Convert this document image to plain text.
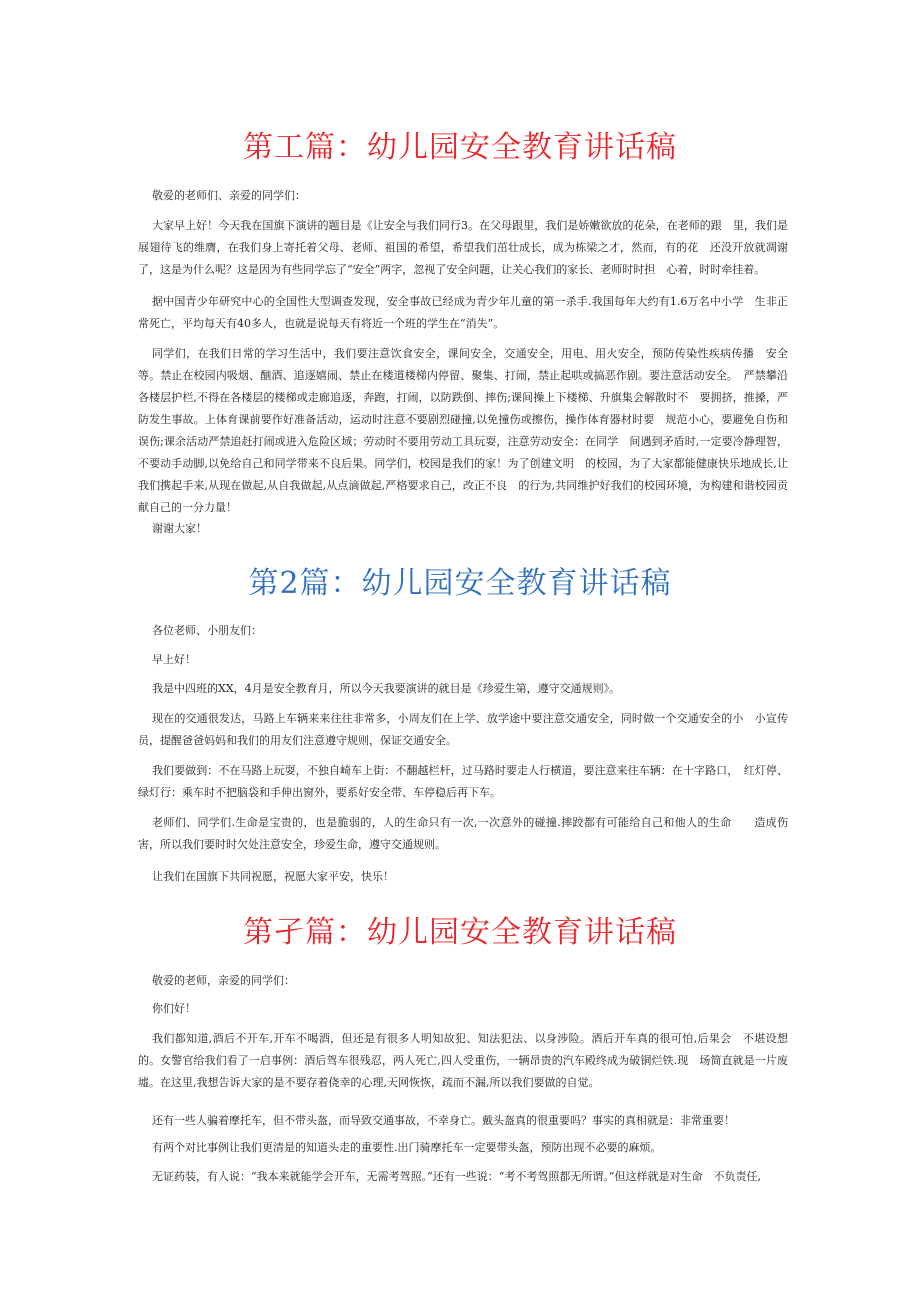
第工篇：幼儿园安全教育讲话稿

敬爱的老师们、亲爱的同学们：

大家早上好！今天我在国旗下演讲的题目是《让安全与我们同行3。在父母跟里，我们是娇嫩欲放的花朵，在老师的跟　里，我们是展翅待飞的维膺，在我们身上寄托着父母、老师、祖国的希望，希望我们茁壮成长，成为栋梁之才，然而，有的花　还没开放就凋谢了，这是为什么呢？这是因为有些同学忘了“安全”两字，忽视了安全问题，让关心我们的家长、老师时时担　心着，时时牵挂着。

据中国青少年研究中心的全国性大型调查发现，安全事故已经成为青少年儿童的第一杀手.我国每年大约有1.6万名中小学　生非正常死亡，平均每天有40多人，也就是说每天有将近一个班的学生在“消失”。

同学们，在我们日常的学习生活中，我们要注意饮食安全，课间安全，交通安全，用电、用火安全，预防传染性疾病传播　安全等。禁止在校园内吸烟、酗酒、追逐嬉闹、禁止在楼道楼梯内停留、聚集、打闹，禁止起哄或搞恶作剧。要注意活动安全。　严禁攀沿各楼层护栏,不得在各楼层的楼梯或走廊追逐，奔跑，打闹，以防跌倒、摔伤;课间操上下楼梯、升旗集会解散时不　要拥挤，推搡，严防发生事故。上体育课前要作好准备活动，运动时注意不要剧烈碰撞,以免撞伤或擦伤，操作体育器材时要　规范小心，要避免自伤和误伤;课余活动严禁追赶打闹或进入危险区域；劳动时不要用劳动工具玩耍，注意劳动安全：在同学　间遇到矛盾时,一定要冷静理智，不要动手动脚,以免给自己和同学带来不良后果。同学们，校园是我们的家！为了创建文明　的校园，为了大家都能健康快乐地成长,让我们携起手来,从现在做起,从自我做起,从点滴做起,严格要求自己，改正不良　的行为,共同维护好我们的校园环境，为构建和谐校园贡献自己的一分力量！

谢谢大家！

第2篇：幼儿园安全教育讲话稿

各位老师、小朋友们：

早上好！

我是中四班的XX，4月是安全教育月，所以今天我要演讲的就目是《珍爱生第，遵守交通规则》。

现在的交通很发达，马路上车辆来来往往非常多，小周友们在上学、放学途中要注意交通安全，同时做一个交通安全的小　小宣传员，提醒爸爸妈妈和我们的用友们注意遵守规则，保证交通安全。

我们要做到：不在马路上玩耍，不独自崎车上街：不翻越栏杆，过马路时要走人行横道，要注意来往车辆：在十字路口，　红灯停、绿灯行：乘车时不把脑袋和手伸出窗外，要系好安全带、车停稳后再下车。

老师们、同学们.生命是宝贵的，也是脆弱的，人的生命只有一次,一次意外的碰撞.摔跤都有可能给自己和他人的生命　　造成伤害，所以我们要时时欠处注意安全，珍爱生命，遵守交通规则。

让我们在国旗下共同祝愿，祝愿大家平安，快乐！

第孑篇：幼儿园安全教育讲话稿

敬爱的老师，亲爱的同学们：

你们好！

我们都知道,酒后不开车,开车不喝酒，但还是有很多人明知故犯、知法犯法、以身涉险。酒后开车真的很可怕,后果会　不堪设想的。女警官给我们看了一启事例：酒后驾车很残忍，两人死亡,四人受重伤，一辆昂贵的汽车殿终成为破铜烂铁.现　场简直就是一片废墟。在这里,我想告诉大家的是不要存着侥幸的心理,天网恢恢，疏而不漏,所以我们要做的自觉。

还有一些人骗着摩托车，但不带头盔，而导致交通事故，不幸身亡。戴头盔真的很重要吗？事实的真相就是：非常重要！

有两个对比事例让我们更清是的知道头走的重要性.出门骑摩托车一定要带头盔，预防出现不必要的麻烦。

无证药装，有人说：“我本来就能学会开车，无需考驾照。”还有一些说：“考不考驾照都无所谓。”但这样就是对生命　不负责任,
